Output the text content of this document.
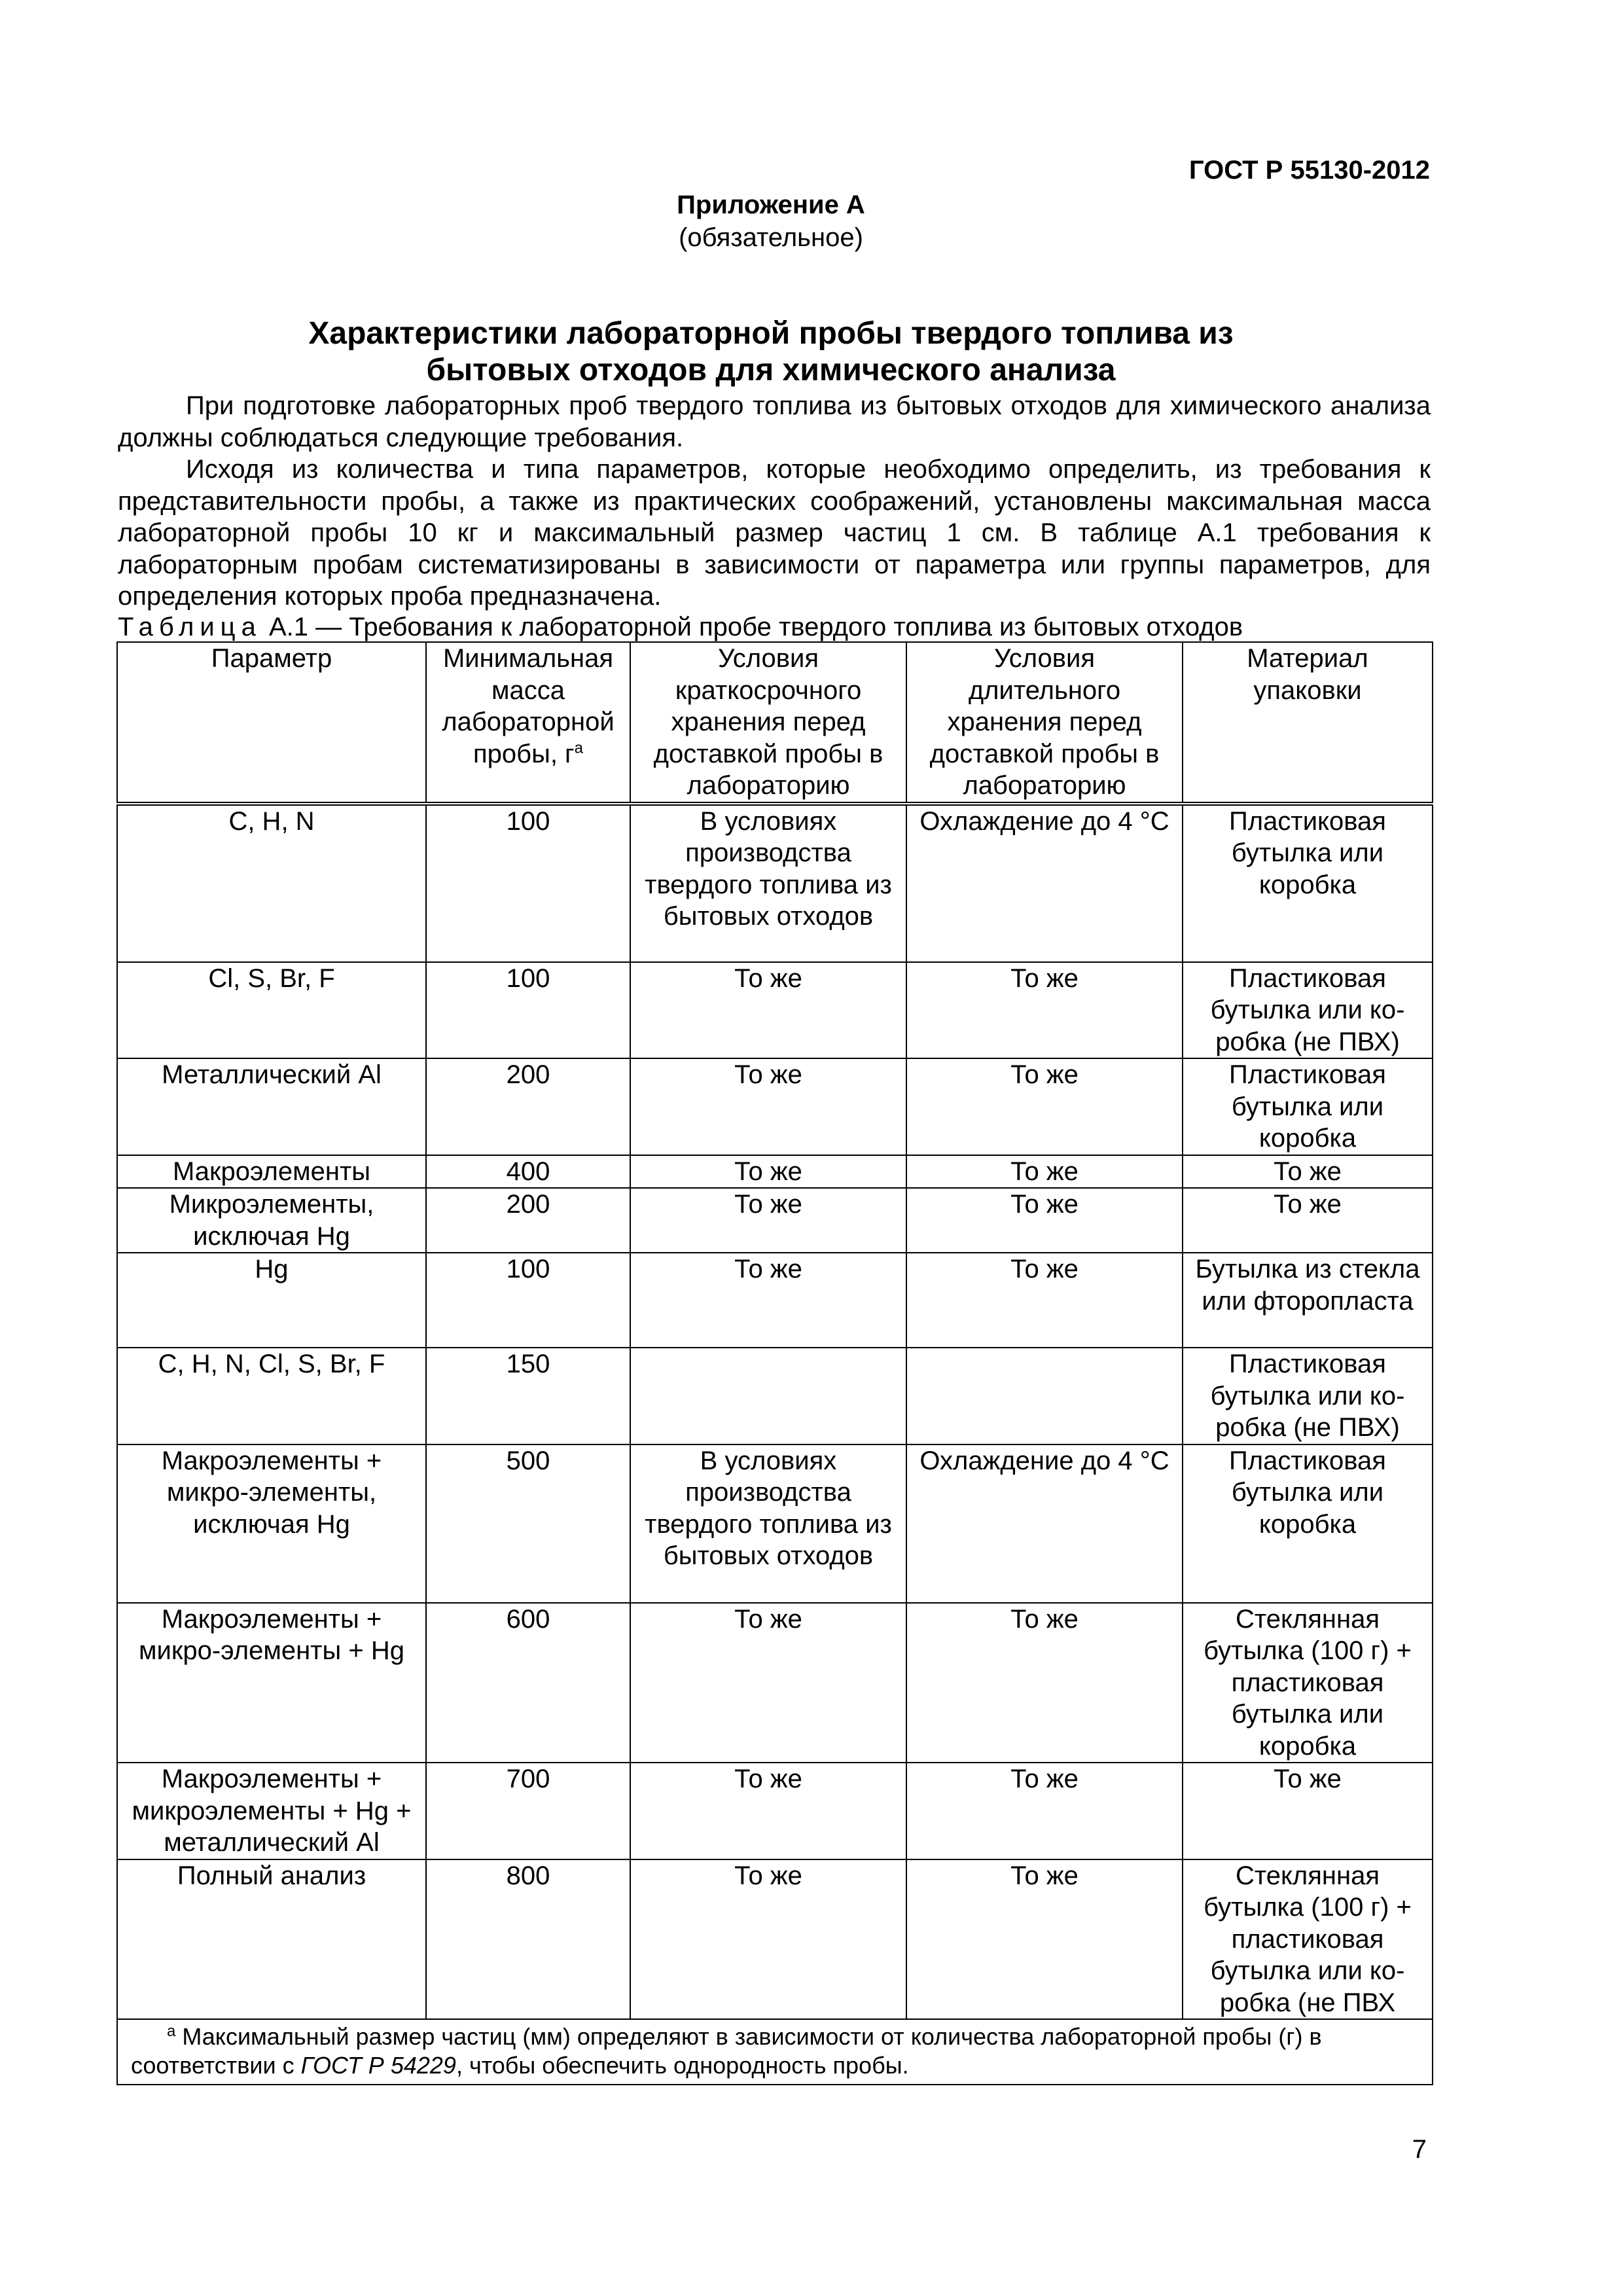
ГОСТ Р 55130-2012
Приложение А
(обязательное)
Характеристики лабораторной пробы твердого топлива из
бытовых отходов для химического анализа

При подготовке лабораторных проб твердого топлива из бытовых отходов для химического анализа должны соблюдаться следующие требования.

Исходя из количества и типа параметров, которые необходимо определить, из требования к представительности пробы, а также из практических соображений, установлены максимальная масса лабораторной пробы 10 кг и максимальный размер частиц 1 см. В таблице А.1 требования к лабораторным пробам систематизированы в зависимости от параметра или группы параметров, для определения которых проба предназначена.

Таблица А.1 — Требования к лабораторной пробе твердого топлива из бытовых отходов
Параметр	Минимальная масса лабораторной пробы, $г^a$	Условия краткосрочного хранения перед доставкой пробы в лабораторию	Условия длительного хранения перед доставкой пробы в лабораторию	Материал упаковки
C, H, N	100	В условиях производства твердого топлива из бытовых отходов	Охлаждение до 4 °C	Пластиковая бутылка или коробка
Cl, S, Br, F	100	То же	То же	Пластиковая бутылка или ко-робка (не ПВХ)
Металлический Al	200	То же	То же	Пластиковая бутылка или коробка
Макроэлементы	400	То же	То же	То же
Микроэлементы, исключая Hg	200	То же	То же	То же
Hg	100	То же	То же	Бутылка из стекла или фторопласта
C, H, N, Cl, S, Br, F	150			Пластиковая бутылка или ко-робка (не ПВХ)
Макроэлементы + микро-элементы, исключая Hg	500	В условиях производства твердого топлива из бытовых отходов	Охлаждение до 4 °C	Пластиковая бутылка или коробка
Макроэлементы + микро-элементы + Hg	600	То же	То же	Стеклянная бутылка (100 г) + пластиковая бутылка или коробка
Макроэлементы + микроэлементы + Hg + металлический Al	700	То же	То же	То же
Полный анализ	800	То же	То же	Стеклянная бутылка (100 г) + пластиковая бутылка или ко-робка (не ПВХ
$^a$ Максимальный размер частиц (мм) определяют в зависимости от количества лабораторной пробы (г) в соответствии с ГОСТ Р 54229, чтобы обеспечить однородность пробы.				
7
